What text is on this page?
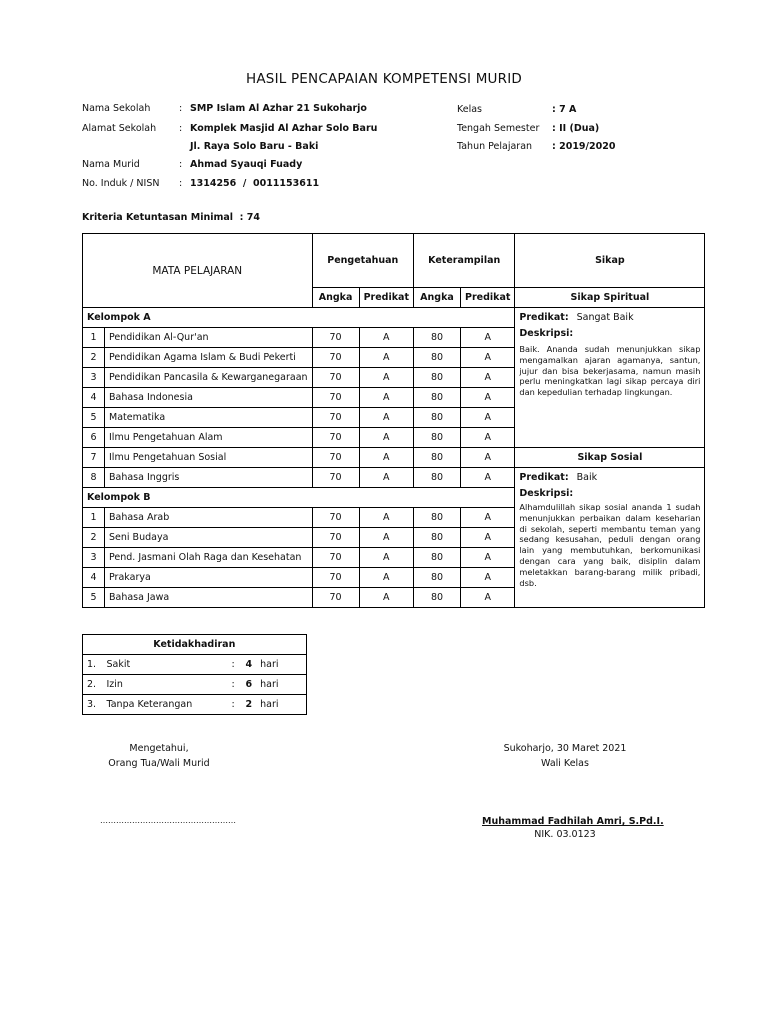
HASIL PENCAPAIAN KOMPETENSI MURID
Nama Sekolah	: SMP Islam Al Azhar 21 Sukoharjo
Alamat Sekolah : Komplek Masjid Al Azhar Solo Baru
Jl. Raya Solo Baru - Baki
Nama Murid	: Ahmad Syauqi Fuady
No. Induk / NISN : 1314256  /  0011153611
Kelas	: 7 A
Tengah Semester : II (Dua)
Tahun Pelajaran : 2019/2020
Kriteria Ketuntasan Minimal  : 74
MATA PELAJARAN		Pengetahuan		Keterampilan		Sikap
		Angka	Predikat	Angka	Predikat	Sikap Spiritual
Kelompok A						Predikat: Sangat Baik
Deskripsi:
Baik. Ananda sudah menunjukkan sikap mengamalkan ajaran agamanya, santun, jujur dan bisa bekerjasama, namun masih perlu meningkatkan lagi sikap percaya diri dan kepedulian terhadap lingkungan.

1	Pendidikan Al-Qur'an	70	A	80	A	
2	Pendidikan Agama Islam & Budi Pekerti	70	A	80	A	
3	Pendidikan Pancasila & Kewarganegaraan	70	A	80	A	
4	Bahasa Indonesia	70	A	80	A	
5	Matematika	70	A	80	A	
6	Ilmu Pengetahuan Alam	70	A	80	A	
7	Ilmu Pengetahuan Sosial	70	A	80	A	Sikap Sosial
8	Bahasa Inggris	70	A	80	A	Predikat: Baik
Deskripsi:
Alhamdulillah sikap sosial ananda 1 sudah menunjukkan perbaikan dalam keseharian di sekolah, seperti membantu teman yang sedang kesusahan, peduli dengan orang lain yang membutuhkan, berkomunikasi dengan cara yang baik, disiplin dalam meletakkan barang-barang milik pribadi, dsb.

Kelompok B						
1	Bahasa Arab	70	A	80	A	
2	Seni Budaya	70	A	80	A	
3	Pend. Jasmani Olah Raga dan Kesehatan	70	A	80	A	
4	Prakarya	70	A	80	A	
5	Bahasa Jawa	70	A	80	A	
Ketidakhadiran				
1.	Sakit	:	4	hari
2.	Izin	:	6	hari
3.	Tanpa Keterangan	:	2	hari
Mengetahui,
Orang Tua/Wali Murid
……………………………………………
Sukoharjo, 30 Maret 2021
Wali Kelas
Muhammad Fadhilah Amri, S.Pd.I.
NIK. 03.0123
